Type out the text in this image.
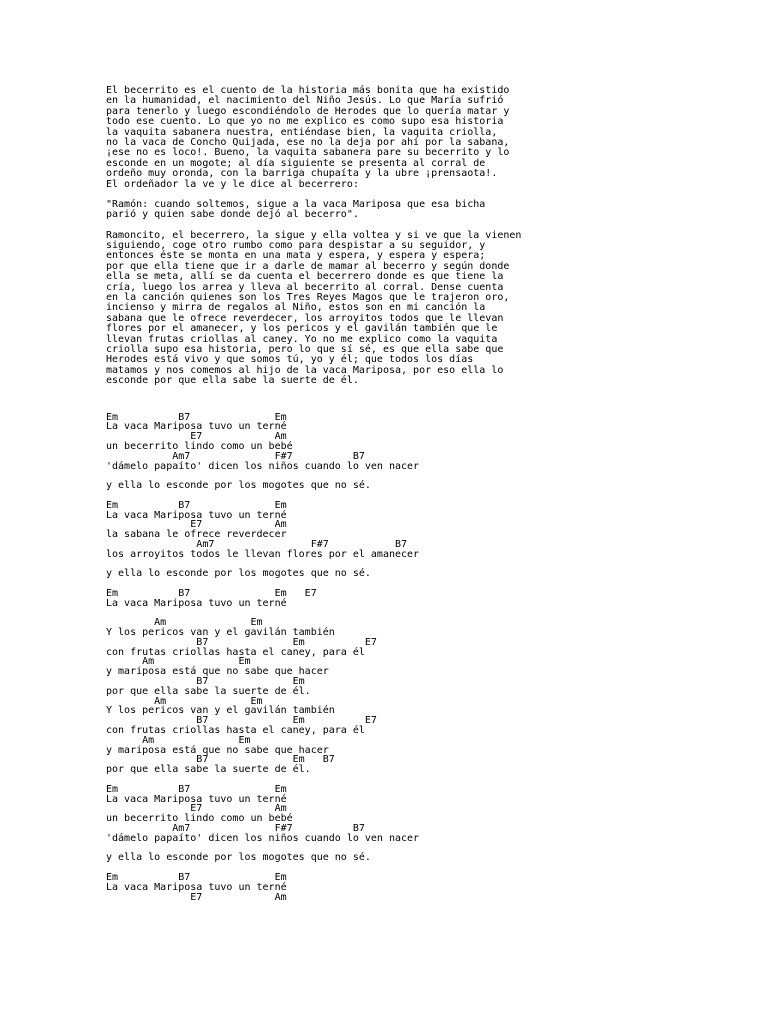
El becerrito es el cuento de la historia más bonita que ha existido
en la humanidad, el nacimiento del Niño Jesús. Lo que María sufrió
para tenerlo y luego escondiéndolo de Herodes que lo quería matar y
todo ese cuento. Lo que yo no me explico es como supo esa historia
la vaquita sabanera nuestra, entiéndase bien, la vaquita criolla,
no la vaca de Concho Quijada, ese no la deja por ahí por la sabana,
¡ese no es loco!. Bueno, la vaquita sabanera pare su becerrito y lo
esconde en un mogote; al día siguiente se presenta al corral de
ordeño muy oronda, con la barriga chupaíta y la ubre ¡prensaota!.
El ordeñador la ve y le dice al becerrero:
"Ramón: cuando soltemos, sigue a la vaca Mariposa que esa bicha
parió y quien sabe donde dejó al becerro".
Ramoncito, el becerrero, la sigue y ella voltea y si ve que la vienen
siguiendo, coge otro rumbo como para despistar a su seguidor, y
entonces éste se monta en una mata y espera, y espera y espera;
por que ella tiene que ir a darle de mamar al becerro y según donde
ella se meta, allí se da cuenta el becerrero donde es que tiene la
cría, luego los arrea y lleva al becerrito al corral. Dense cuenta
en la canción quienes son los Tres Reyes Magos que le trajeron oro,
incienso y mirra de regalos al Niño, estos son en mi canción la
sabana que le ofrece reverdecer, los arroyitos todos que le llevan
flores por el amanecer, y los pericos y el gavilán también que le
llevan frutas criollas al caney. Yo no me explico como la vaquita
criolla supo esa historia, pero lo que sí sé, es que ella sabe que
Herodes está vivo y que somos tú, yo y él; que todos los días
matamos y nos comemos al hijo de la vaca Mariposa, por eso ella lo
esconde por que ella sabe la suerte de él.
Em          B7              Em
La vaca Mariposa tuvo un terné
E7            Am
un becerrito lindo como un bebé
Am7              F#7          B7
'dámelo papaíto' dicen los niños cuando lo ven nacer
y ella lo esconde por los mogotes que no sé.
Em          B7              Em
La vaca Mariposa tuvo un terné
E7            Am
la sabana le ofrece reverdecer
Am7                F#7           B7
los arroyitos todos le llevan flores por el amanecer
y ella lo esconde por los mogotes que no sé.
Em          B7              Em   E7
La vaca Mariposa tuvo un terné
Am              Em
Y los pericos van y el gavilán también
B7              Em          E7
con frutas criollas hasta el caney, para él
Am              Em
y mariposa está que no sabe que hacer
B7              Em
por que ella sabe la suerte de él.
Am              Em
Y los pericos van y el gavilán también
B7              Em          E7
con frutas criollas hasta el caney, para él
Am              Em
y mariposa está que no sabe que hacer
B7              Em   B7
por que ella sabe la suerte de él.
Em          B7              Em
La vaca Mariposa tuvo un terné
E7            Am
un becerrito lindo como un bebé
Am7              F#7          B7
'dámelo papaíto' dicen los niños cuando lo ven nacer
y ella lo esconde por los mogotes que no sé.
Em          B7              Em
La vaca Mariposa tuvo un terné
E7            Am
